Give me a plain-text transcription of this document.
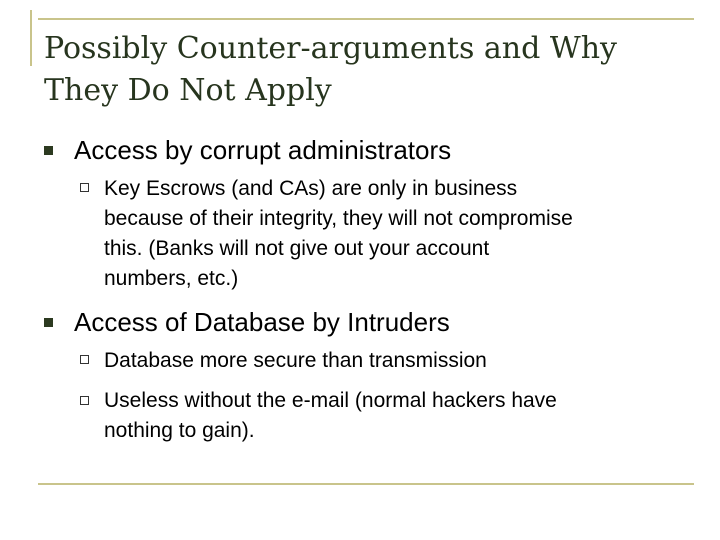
Possibly Counter-arguments and Why
They Do Not Apply
Access by corrupt administrators
Key Escrows (and CAs) are only in business
because of their integrity, they will not compromise
this. (Banks will not give out your account
numbers, etc.)
Access of Database by Intruders
Database more secure than transmission
Useless without the e-mail (normal hackers have
nothing to gain).
